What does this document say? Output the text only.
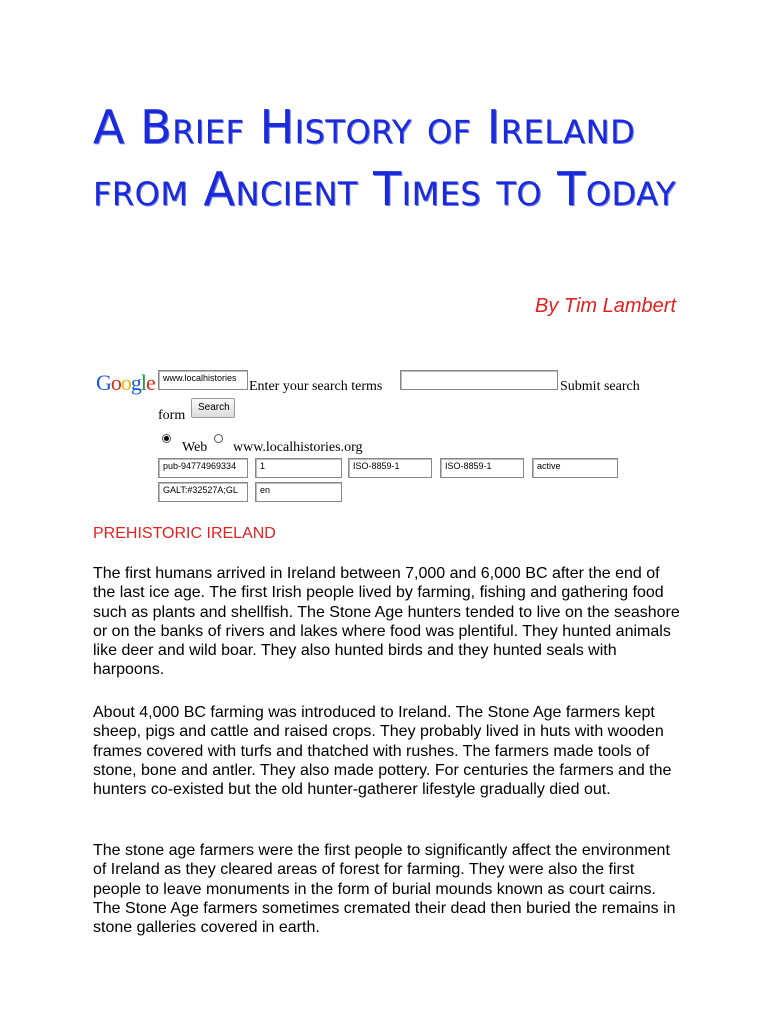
A Brief History of Ireland from Ancient Times to Today
By Tim Lambert
Google www.localhistories
Enter your search terms	Submit search
form
Search
Web www.localhistories.org
pub-94774969334	1	ISO-8859-1	ISO-8859-1	active
GALT:#32527A;GL	en
PREHISTORIC IRELAND

The first humans arrived in Ireland between 7,000 and 6,000 BC after the end of the last ice age. The first Irish people lived by farming, fishing and gathering food such as plants and shellfish. The Stone Age hunters tended to live on the seashore or on the banks of rivers and lakes where food was plentiful. They hunted animals like deer and wild boar. They also hunted birds and they hunted seals with harpoons.

About 4,000 BC farming was introduced to Ireland. The Stone Age farmers kept sheep, pigs and cattle and raised crops. They probably lived in huts with wooden frames covered with turfs and thatched with rushes. The farmers made tools of stone, bone and antler. They also made pottery. For centuries the farmers and the hunters co-existed but the old hunter-gatherer lifestyle gradually died out.

The stone age farmers were the first people to significantly affect the environment of Ireland as they cleared areas of forest for farming. They were also the first people to leave monuments in the form of burial mounds known as court cairns. The Stone Age farmers sometimes cremated their dead then buried the remains in stone galleries covered in earth.
